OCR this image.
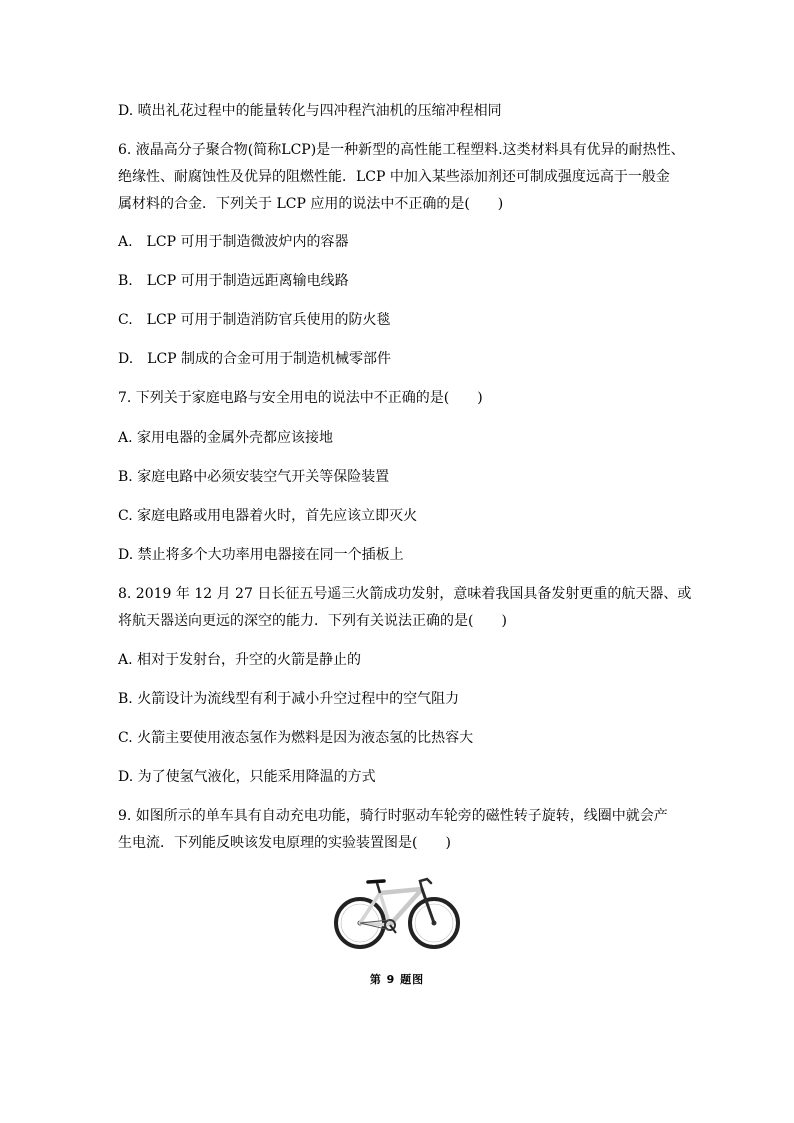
D. 喷出礼花过程中的能量转化与四冲程汽油机的压缩冲程相同

6. 液晶高分子聚合物(简称LCP)是一种新型的高性能工程塑料.这类材料具有优异的耐热性、

绝缘性、耐腐蚀性及优异的阻燃性能．LCP 中加入某些添加剂还可制成强度远高于一般金

属材料的合金．下列关于 LCP 应用的说法中不正确的是(　　)

A.　LCP 可用于制造微波炉内的容器

B.　LCP 可用于制造远距离输电线路

C.　LCP 可用于制造消防官兵使用的防火毯

D.　LCP 制成的合金可用于制造机械零部件

7. 下列关于家庭电路与安全用电的说法中不正确的是(　　)

A. 家用电器的金属外壳都应该接地

B. 家庭电路中必须安装空气开关等保险装置

C. 家庭电路或用电器着火时，首先应该立即灭火

D. 禁止将多个大功率用电器接在同一个插板上

8. 2019 年 12 月 27 日长征五号遥三火箭成功发射，意味着我国具备发射更重的航天器、或

将航天器送向更远的深空的能力．下列有关说法正确的是(　　)

A. 相对于发射台，升空的火箭是静止的

B. 火箭设计为流线型有利于减小升空过程中的空气阻力

C. 火箭主要使用液态氢作为燃料是因为液态氢的比热容大

D. 为了使氢气液化，只能采用降温的方式

9. 如图所示的单车具有自动充电功能，骑行时驱动车轮旁的磁性转子旋转，线圈中就会产

生电流．下列能反映该发电原理的实验装置图是(　　)

第 9 题图
